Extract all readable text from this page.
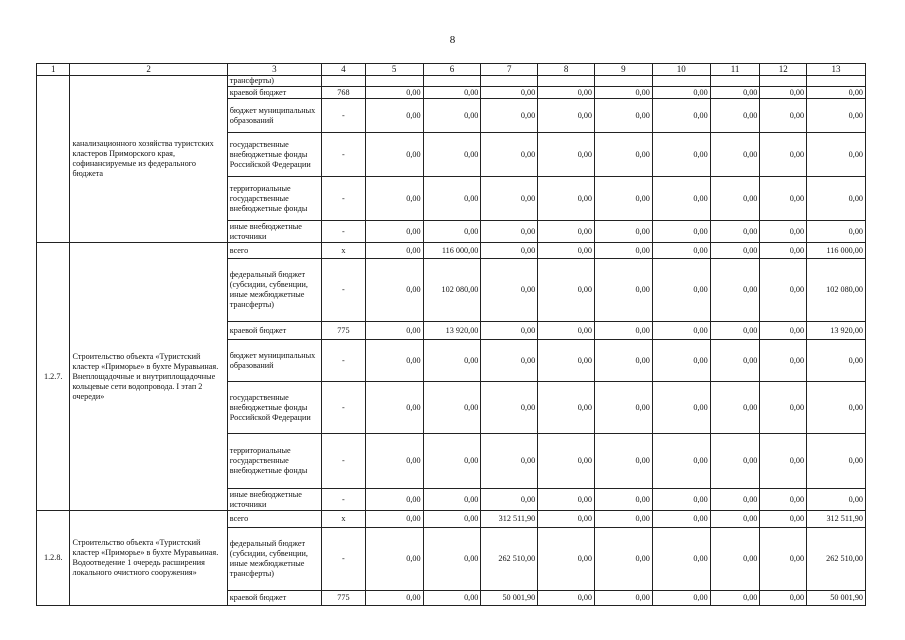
8
1	2	3	4	5	6	7	8	9	10	11	12	13
	канализационного хозяйства туристских кластеров Приморского края, софинансируемые из федерального бюджета	трансферты)										
		краевой бюджет	768	0,00	0,00	0,00	0,00	0,00	0,00	0,00	0,00	0,00
		бюджет муниципальных образований	-	0,00	0,00	0,00	0,00	0,00	0,00	0,00	0,00	0,00
		государственные внебюджетные фонды Российской Федерации	-	0,00	0,00	0,00	0,00	0,00	0,00	0,00	0,00	0,00
		территориальные государственные внебюджетные фонды	-	0,00	0,00	0,00	0,00	0,00	0,00	0,00	0,00	0,00
		иные внебюджетные источники	-	0,00	0,00	0,00	0,00	0,00	0,00	0,00	0,00	0,00
1.2.7.	Строительство объекта «Туристский кластер «Приморье» в бухте Муравьиная. Внеплощадочные и внутриплощадочные кольцевые сети водопровода. I этап 2 очереди»	всего	x	0,00	116 000,00	0,00	0,00	0,00	0,00	0,00	0,00	116 000,00
		федеральный бюджет (субсидии, субвенции, иные межбюджетные трансферты)	-	0,00	102 080,00	0,00	0,00	0,00	0,00	0,00	0,00	102 080,00
		краевой бюджет	775	0,00	13 920,00	0,00	0,00	0,00	0,00	0,00	0,00	13 920,00
		бюджет муниципальных образований	-	0,00	0,00	0,00	0,00	0,00	0,00	0,00	0,00	0,00
		государственные внебюджетные фонды Российской Федерации	-	0,00	0,00	0,00	0,00	0,00	0,00	0,00	0,00	0,00
		территориальные государственные внебюджетные фонды	-	0,00	0,00	0,00	0,00	0,00	0,00	0,00	0,00	0,00
		иные внебюджетные источники	-	0,00	0,00	0,00	0,00	0,00	0,00	0,00	0,00	0,00
1.2.8.	Строительство объекта «Туристский кластер «Приморье» в бухте Муравьиная. Водоотведение 1 очередь расширения локального очистного сооружения»	всего	x	0,00	0,00	312 511,90	0,00	0,00	0,00	0,00	0,00	312 511,90
		федеральный бюджет (субсидии, субвенции, иные межбюджетные трансферты)	-	0,00	0,00	262 510,00	0,00	0,00	0,00	0,00	0,00	262 510,00
		краевой бюджет	775	0,00	0,00	50 001,90	0,00	0,00	0,00	0,00	0,00	50 001,90
